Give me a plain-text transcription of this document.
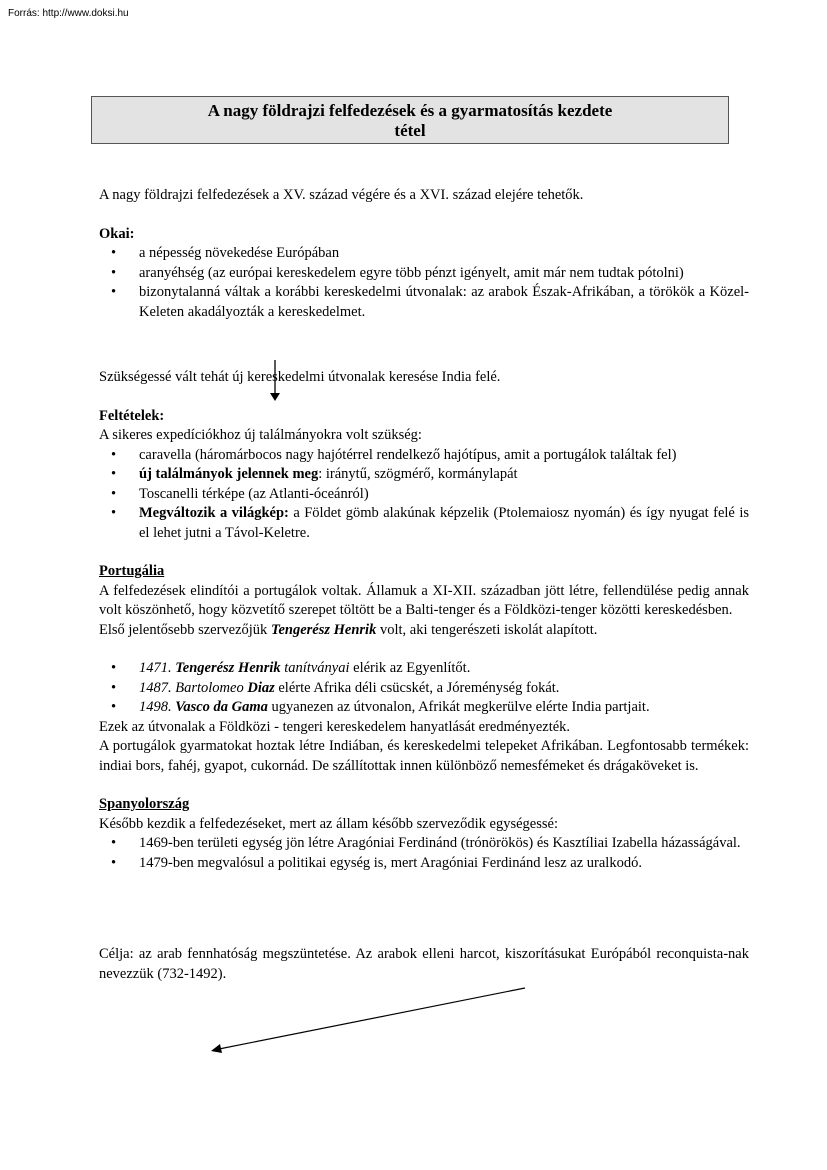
Forrás: http://www.doksi.hu
A nagy földrajzi felfedezések és a gyarmatosítás kezdete
tétel

A nagy földrajzi felfedezések a XV. század végére és a XVI. század elejére tehetők.

Okai:

• a népesség növekedése Európában
• aranyéhség (az európai kereskedelem egyre több pénzt igényelt, amit már nem tudtak pótolni)
• bizonytalanná váltak a korábbi kereskedelmi útvonalak: az arabok Észak-Afrikában, a törökök a Közel-Keleten akadályozták a kereskedelmet.

Szükségessé vált tehát új kereskedelmi útvonalak keresése India felé.

Feltételek:

A sikeres expedíciókhoz új találmányokra volt szükség:

• caravella (háromárbocos nagy hajótérrel rendelkező hajótípus, amit a portugálok találtak fel)
• új találmányok jelennek meg: iránytű, szögmérő, kormánylapát
• Toscanelli térképe (az Atlanti-óceánról)
• Megváltozik a világkép: a Földet gömb alakúnak képzelik (Ptolemaiosz nyomán) és így nyugat felé is el lehet jutni a Távol-Keletre.

Portugália

A felfedezések elindítói a portugálok voltak. Államuk a XI-XII. században jött létre, fellendülése pedig annak volt köszönhető, hogy közvetítő szerepet töltött be a Balti-tenger és a Földközi-tenger közötti kereskedésben.

Első jelentősebb szervezőjük Tengerész Henrik volt, aki tengerészeti iskolát alapított.

• 1471. Tengerész Henrik tanítványai elérik az Egyenlítőt.
• 1487. Bartolomeo Diaz elérte Afrika déli csücskét, a Jóreménység fokát.
• 1498. Vasco da Gama ugyanezen az útvonalon, Afrikát megkerülve elérte India partjait.

Ezek az útvonalak a Földközi - tengeri kereskedelem hanyatlását eredményezték.

A portugálok gyarmatokat hoztak létre Indiában, és kereskedelmi telepeket Afrikában. Legfontosabb termékek: indiai bors, fahéj, gyapot, cukornád. De szállítottak innen különböző nemesfémeket és drágaköveket is.

Spanyolország

Később kezdik a felfedezéseket, mert az állam később szerveződik egységessé:

• 1469-ben területi egység jön létre Aragóniai Ferdinánd (trónörökös) és Kasztíliai Izabella házasságával.
• 1479-ben megvalósul a politikai egység is, mert Aragóniai Ferdinánd lesz az uralkodó.

Célja: az arab fennhatóság megszüntetése. Az arabok elleni harcot, kiszorításukat Európából reconquista-nak nevezzük (732-1492).
